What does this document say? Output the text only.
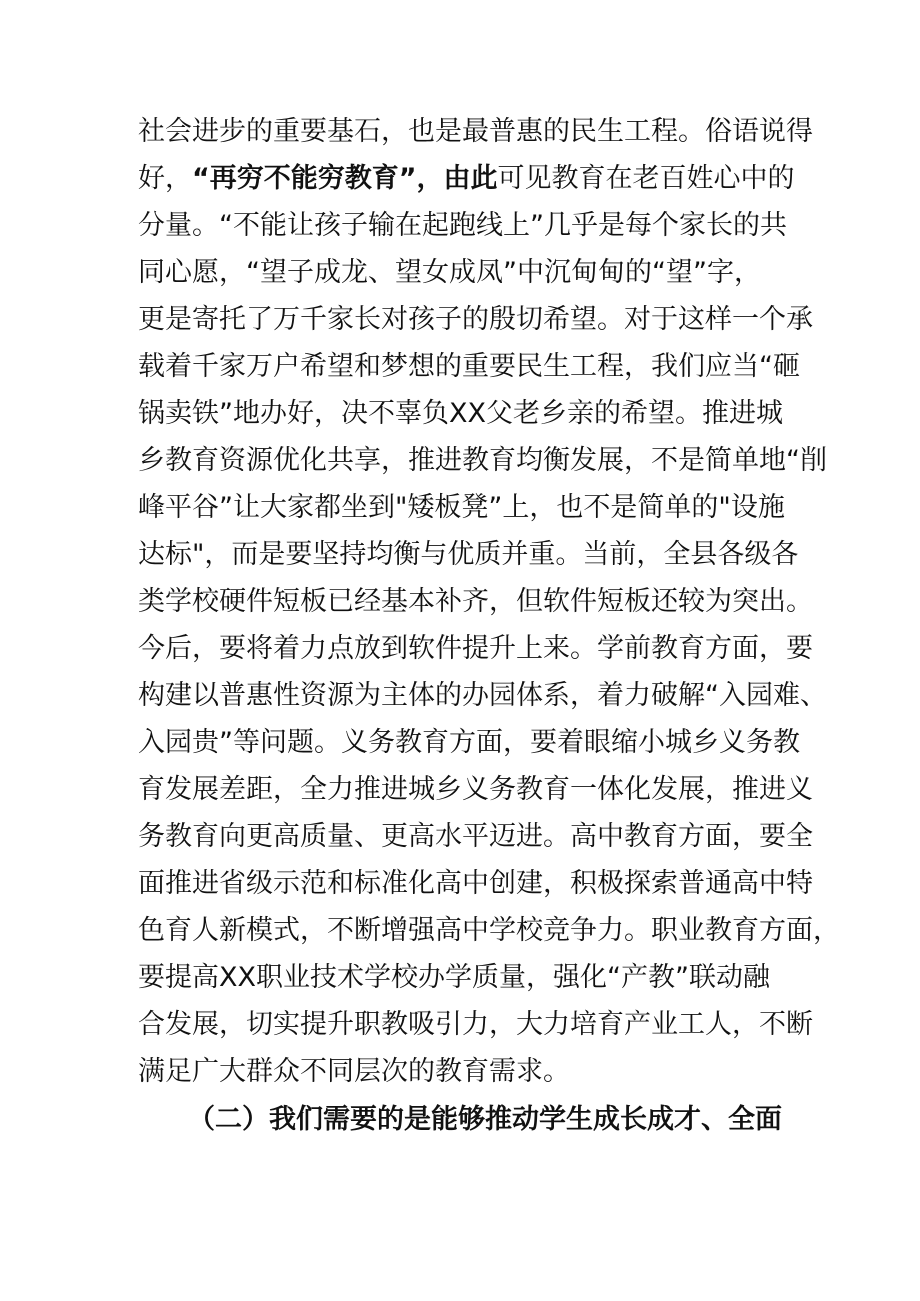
社会进步的重要基石，也是最普惠的民生工程。俗语说得
好，“再穷不能穷教育”，由此可见教育在老百姓心中的
分量。“不能让孩子输在起跑线上”几乎是每个家长的共
同心愿，“望子成龙、望女成凤”中沉甸甸的“望”字，
更是寄托了万千家长对孩子的殷切希望。对于这样一个承
载着千家万户希望和梦想的重要民生工程，我们应当“砸
锅卖铁”地办好，决不辜负XX父老乡亲的希望。推进城
乡教育资源优化共享，推进教育均衡发展，不是简单地“削
峰平谷”让大家都坐到"矮板凳”上，也不是简单的"设施
达标"，而是要坚持均衡与优质并重。当前，全县各级各
类学校硬件短板已经基本补齐，但软件短板还较为突出。
今后，要将着力点放到软件提升上来。学前教育方面，要
构建以普惠性资源为主体的办园体系，着力破解“入园难、
入园贵”等问题。义务教育方面，要着眼缩小城乡义务教
育发展差距，全力推进城乡义务教育一体化发展，推进义
务教育向更高质量、更高水平迈进。高中教育方面，要全
面推进省级示范和标准化高中创建，积极探索普通高中特
色育人新模式，不断增强高中学校竞争力。职业教育方面，
要提高XX职业技术学校办学质量，强化“产教”联动融
合发展，切实提升职教吸引力，大力培育产业工人，不断
满足广大群众不同层次的教育需求。
（二）我们需要的是能够推动学生成长成才、全面
